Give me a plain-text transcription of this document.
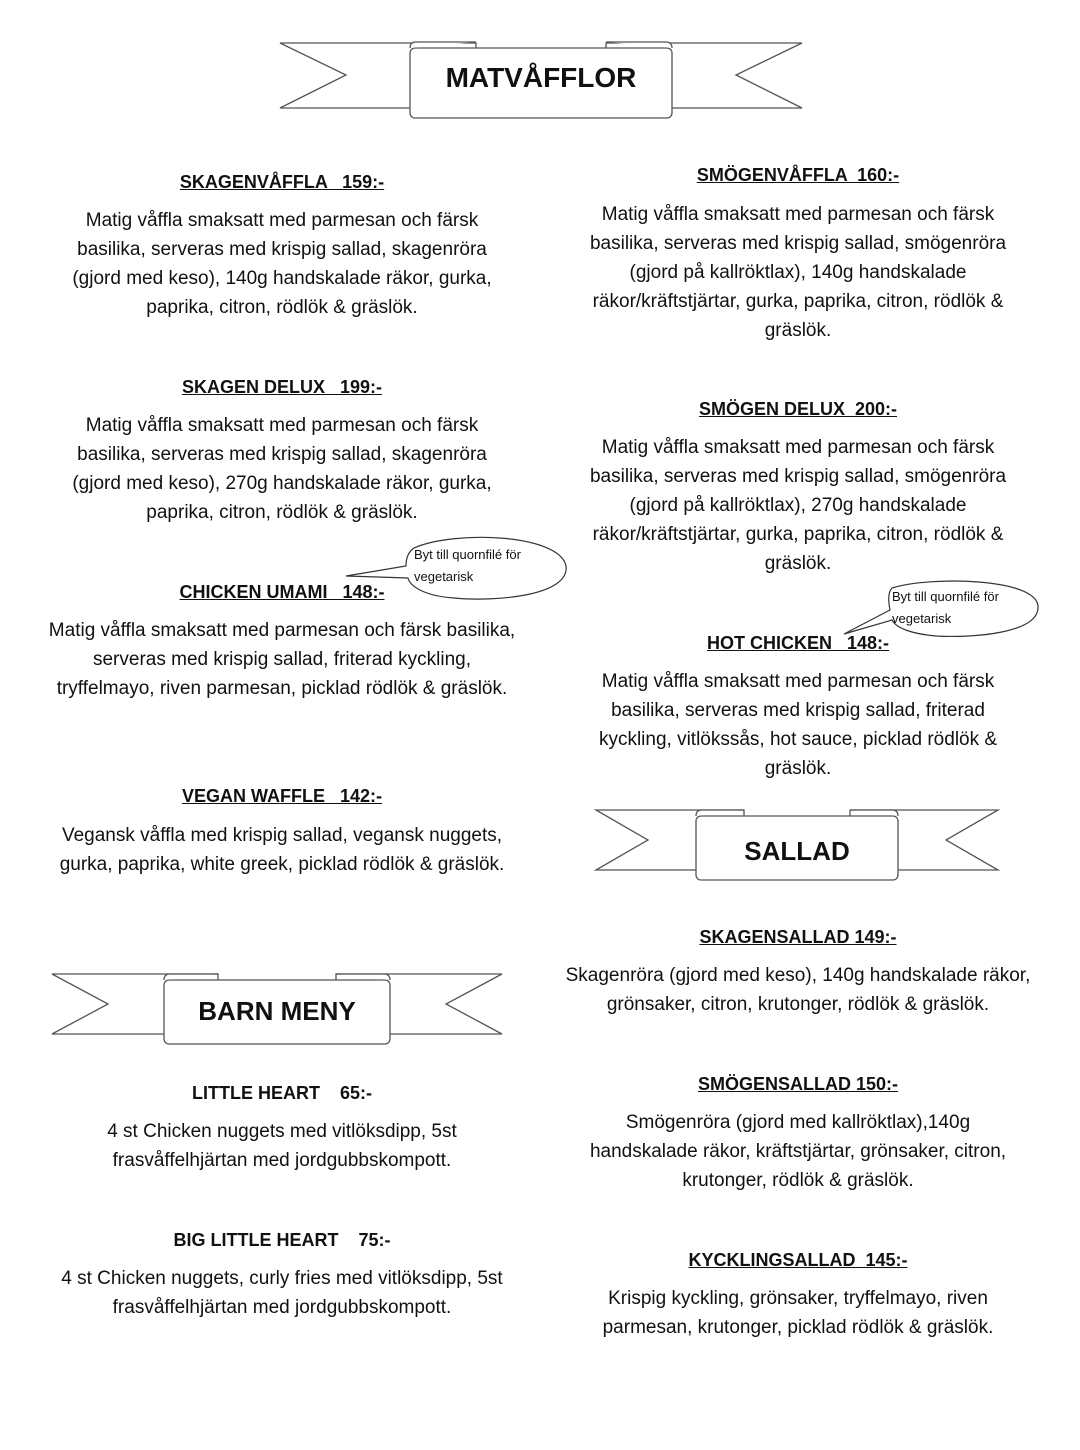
MATVÅFFLOR
SKAGENVÅFFLA   159:-
Matig våffla smaksatt med parmesan och färsk basilika, serveras med krispig sallad, skagenröra (gjord med keso), 140g handskalade räkor, gurka, paprika, citron, rödlök & gräslök.
SKAGEN DELUX   199:-
Matig våffla smaksatt med parmesan och färsk basilika, serveras med krispig sallad, skagenröra (gjord med keso), 270g handskalade räkor, gurka, paprika, citron, rödlök & gräslök.
Byt till quornfilé för
vegetarisk
CHICKEN UMAMI   148:-
Matig våffla smaksatt med parmesan och färsk basilika, serveras med krispig sallad, friterad kyckling, tryffelmayo, riven parmesan, picklad rödlök & gräslök.
VEGAN WAFFLE   142:-
Vegansk våffla med krispig sallad, vegansk nuggets, gurka, paprika, white greek, picklad rödlök & gräslök.
BARN MENY
LITTLE HEART    65:-
4 st Chicken nuggets med vitlöksdipp, 5st frasvåffelhjärtan med jordgubbskompott.
BIG LITTLE HEART    75:-
4 st Chicken nuggets, curly fries med vitlöksdipp, 5st frasvåffelhjärtan med jordgubbskompott.
SMÖGENVÅFFLA  160:-
Matig våffla smaksatt med parmesan och färsk basilika, serveras med krispig sallad, smögenröra (gjord på kallröktlax), 140g handskalade räkor/kräftstjärtar, gurka, paprika, citron, rödlök & gräslök.
SMÖGEN DELUX  200:-
Matig våffla smaksatt med parmesan och färsk basilika, serveras med krispig sallad, smögenröra (gjord på kallröktlax), 270g handskalade räkor/kräftstjärtar, gurka, paprika, citron, rödlök & gräslök.
Byt till quornfilé för
vegetarisk
HOT CHICKEN   148:-
Matig våffla smaksatt med parmesan och färsk basilika, serveras med krispig sallad, friterad kyckling, vitlökssås, hot sauce, picklad rödlök & gräslök.
SALLAD
SKAGENSALLAD 149:-
Skagenröra (gjord med keso), 140g handskalade räkor, grönsaker, citron, krutonger, rödlök & gräslök.
SMÖGENSALLAD 150:-
Smögenröra (gjord med kallröktlax),140g handskalade räkor, kräftstjärtar, grönsaker, citron, krutonger, rödlök & gräslök.
KYCKLINGSALLAD  145:-
Krispig kyckling, grönsaker, tryffelmayo, riven parmesan, krutonger, picklad rödlök & gräslök.
